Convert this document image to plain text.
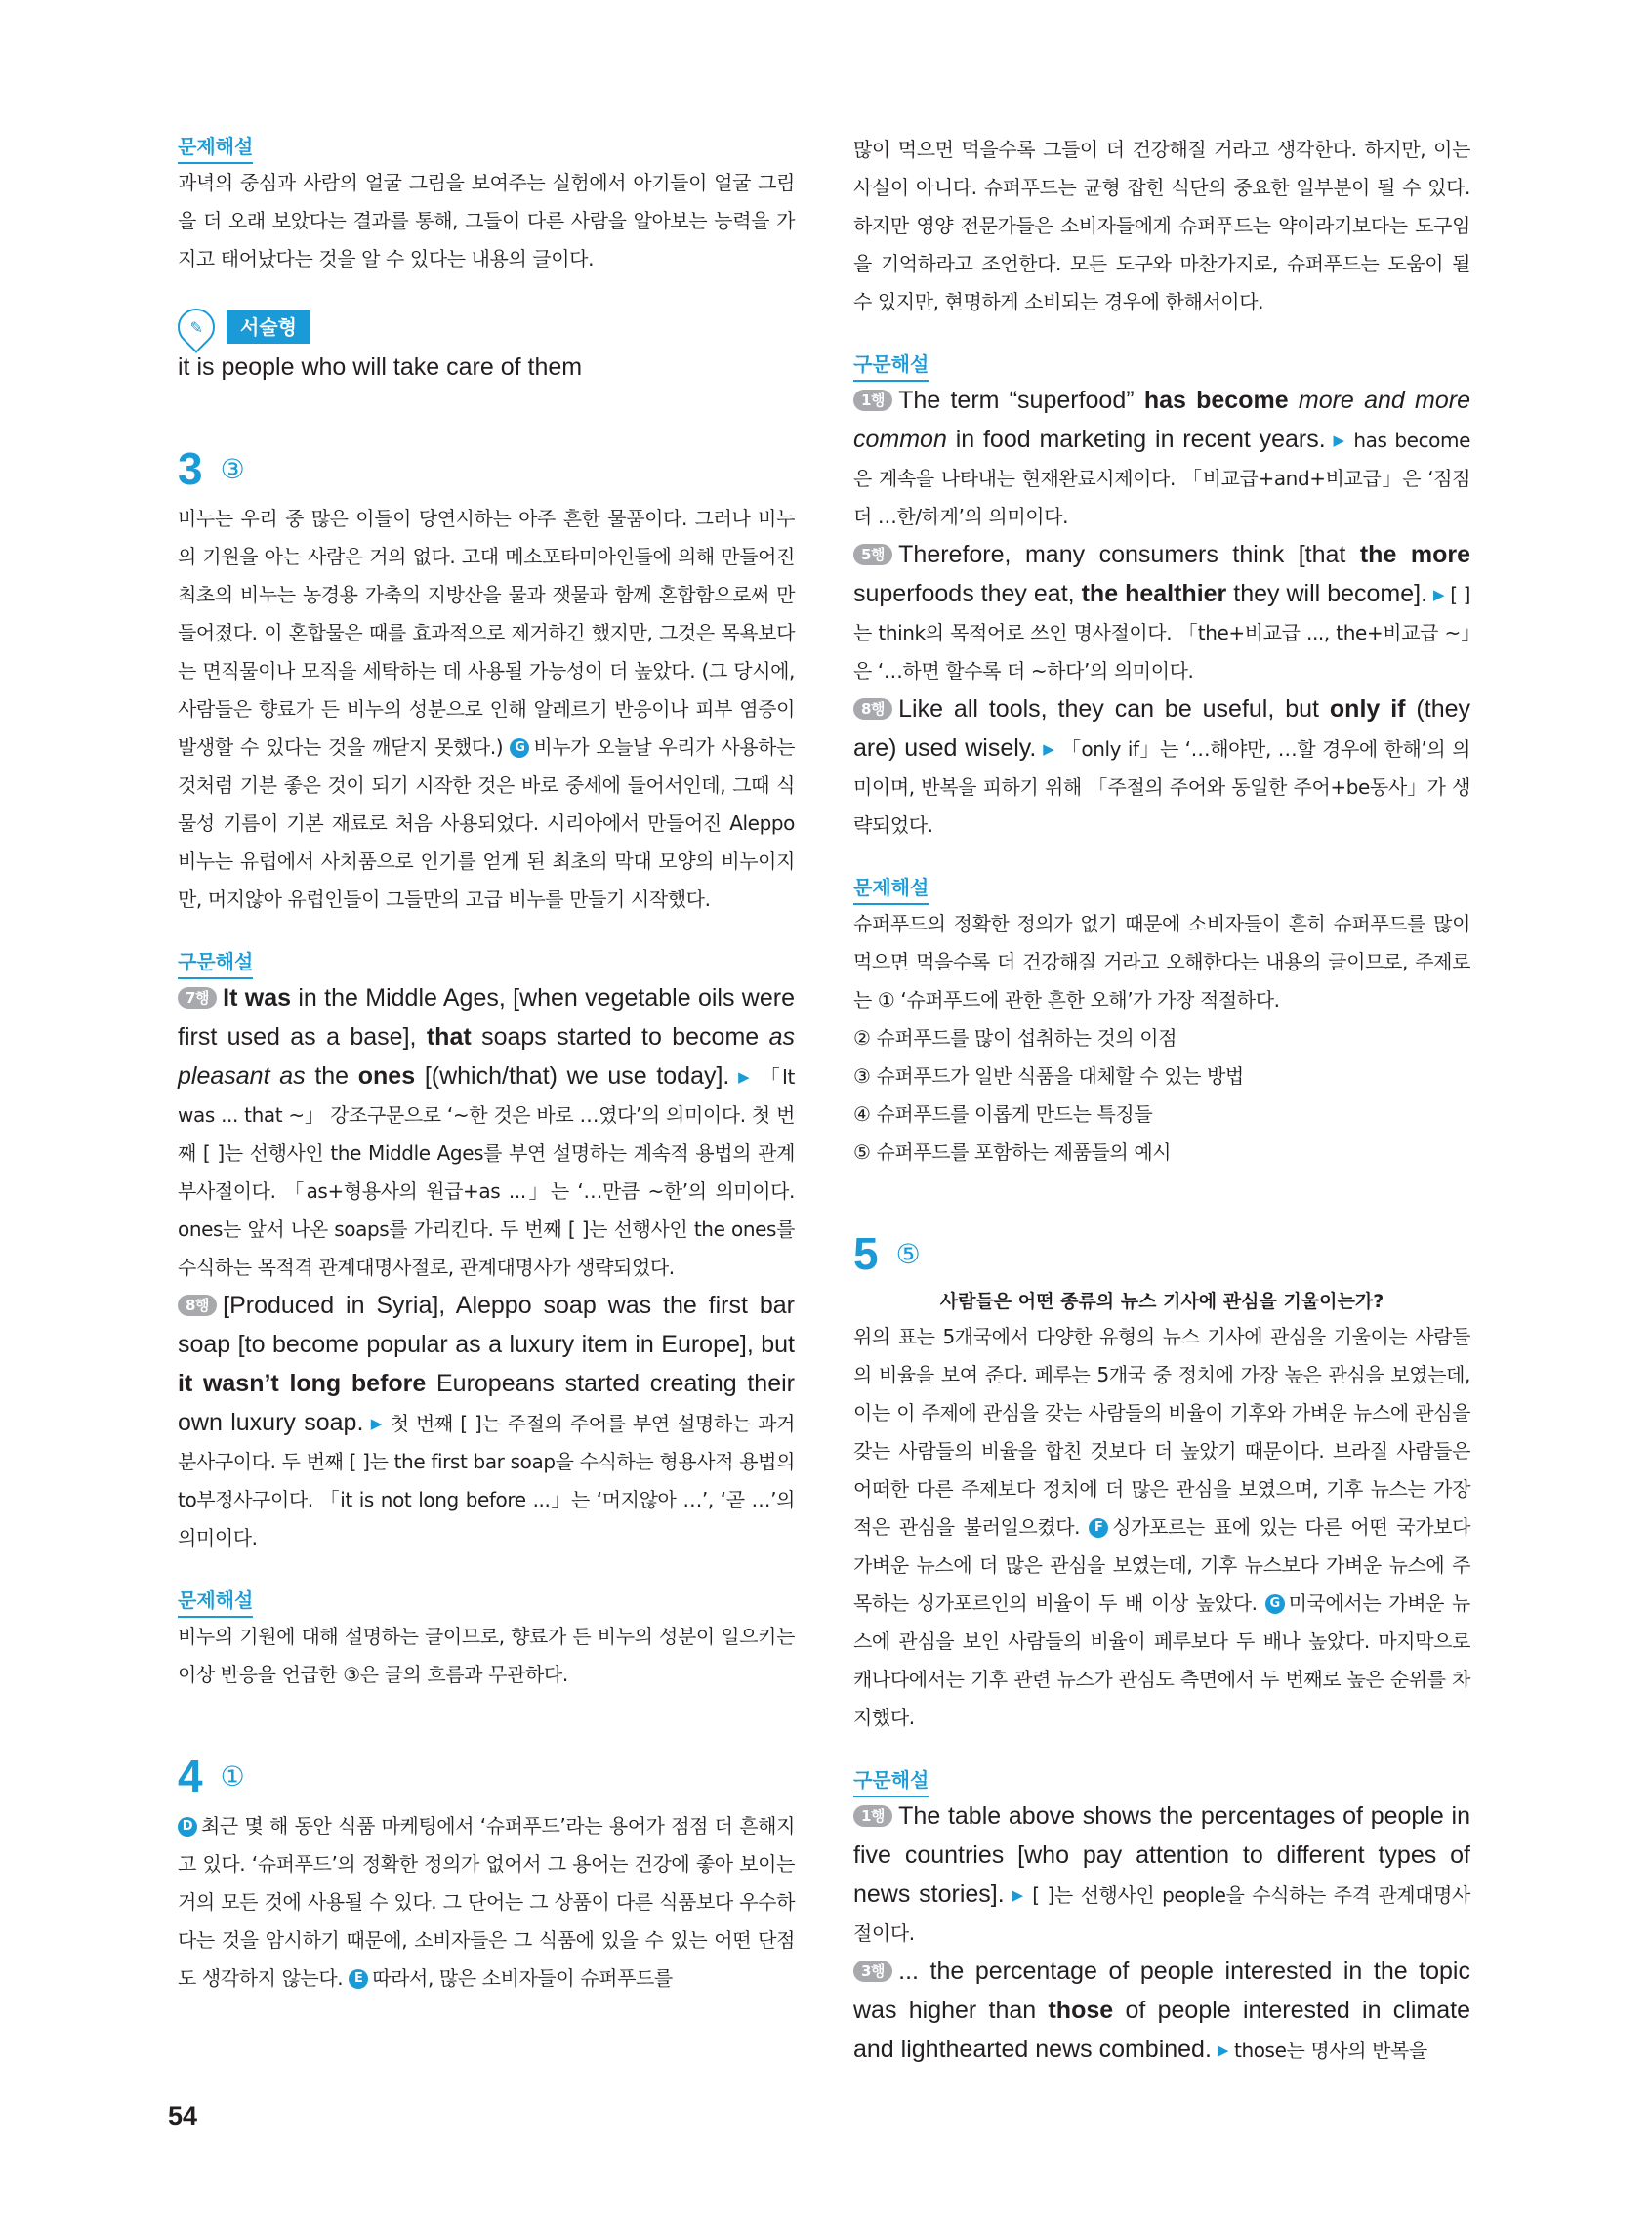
문제해설

과녁의 중심과 사람의 얼굴 그림을 보여주는 실험에서 아기들이 얼굴 그림을 더 오래 보았다는 결과를 통해, 그들이 다른 사람을 알아보는 능력을 가지고 태어났다는 것을 알 수 있다는 내용의 글이다.

✎	서술형

it is people who will take care of them

3 ③

비누는 우리 중 많은 이들이 당연시하는 아주 흔한 물품이다. 그러나 비누의 기원을 아는 사람은 거의 없다. 고대 메소포타미아인들에 의해 만들어진 최초의 비누는 농경용 가축의 지방산을 물과 잿물과 함께 혼합함으로써 만들어졌다. 이 혼합물은 때를 효과적으로 제거하긴 했지만, 그것은 목욕보다는 면직물이나 모직을 세탁하는 데 사용될 가능성이 더 높았다. (그 당시에, 사람들은 향료가 든 비누의 성분으로 인해 알레르기 반응이나 피부 염증이 발생할 수 있다는 것을 깨닫지 못했다.) G 비누가 오늘날 우리가 사용하는 것처럼 기분 좋은 것이 되기 시작한 것은 바로 중세에 들어서인데, 그때 식물성 기름이 기본 재료로 처음 사용되었다. 시리아에서 만들어진 Aleppo 비누는 유럽에서 사치품으로 인기를 얻게 된 최초의 막대 모양의 비누이지만, 머지않아 유럽인들이 그들만의 고급 비누를 만들기 시작했다.

구문해설

7행 It was in the Middle Ages, [when vegetable oils were first used as a base], that soaps started to become as pleasant as the ones [(which/that) we use today]. ▶ 「It was ... that ~」 강조구문으로 ‘~한 것은 바로 …였다’의 의미이다. 첫 번째 [ ]는 선행사인 the Middle Ages를 부연 설명하는 계속적 용법의 관계부사절이다. 「as+형용사의 원급+as ...」는 ‘…만큼 ~한’의 의미이다. ones는 앞서 나온 soaps를 가리킨다. 두 번째 [ ]는 선행사인 the ones를 수식하는 목적격 관계대명사절로, 관계대명사가 생략되었다.

8행 [Produced in Syria], Aleppo soap was the first bar soap [to become popular as a luxury item in Europe], but it wasn’t long before Europeans started creating their own luxury soap. ▶ 첫 번째 [ ]는 주절의 주어를 부연 설명하는 과거분사구이다. 두 번째 [ ]는 the first bar soap을 수식하는 형용사적 용법의 to부정사구이다. 「it is not long before ...」는 ‘머지않아 …’, ‘곧 …’의 의미이다.

문제해설

비누의 기원에 대해 설명하는 글이므로, 향료가 든 비누의 성분이 일으키는 이상 반응을 언급한 ③은 글의 흐름과 무관하다.

4 ①

D 최근 몇 해 동안 식품 마케팅에서 ‘슈퍼푸드’라는 용어가 점점 더 흔해지고 있다. ‘슈퍼푸드’의 정확한 정의가 없어서 그 용어는 건강에 좋아 보이는 거의 모든 것에 사용될 수 있다. 그 단어는 그 상품이 다른 식품보다 우수하다는 것을 암시하기 때문에, 소비자들은 그 식품에 있을 수 있는 어떤 단점도 생각하지 않는다. E 따라서, 많은 소비자들이 슈퍼푸드를

많이 먹으면 먹을수록 그들이 더 건강해질 거라고 생각한다. 하지만, 이는 사실이 아니다. 슈퍼푸드는 균형 잡힌 식단의 중요한 일부분이 될 수 있다. 하지만 영양 전문가들은 소비자들에게 슈퍼푸드는 약이라기보다는 도구임을 기억하라고 조언한다. 모든 도구와 마찬가지로, 슈퍼푸드는 도움이 될 수 있지만, 현명하게 소비되는 경우에 한해서이다.

구문해설

1행 The term “superfood” has become more and more common in food marketing in recent years. ▶ has become은 계속을 나타내는 현재완료시제이다. 「비교급+and+비교급」은 ‘점점 더 …한/하게’의 의미이다.

5행 Therefore, many consumers think [that the more superfoods they eat, the healthier they will become]. ▶ [ ]는 think의 목적어로 쓰인 명사절이다. 「the+비교급 ..., the+비교급 ~」은 ‘…하면 할수록 더 ~하다’의 의미이다.

8행 Like all tools, they can be useful, but only if (they are) used wisely. ▶ 「only if」는 ‘…해야만, …할 경우에 한해’의 의미이며, 반복을 피하기 위해 「주절의 주어와 동일한 주어+be동사」가 생략되었다.

문제해설

슈퍼푸드의 정확한 정의가 없기 때문에 소비자들이 흔히 슈퍼푸드를 많이 먹으면 먹을수록 더 건강해질 거라고 오해한다는 내용의 글이므로, 주제로는 ① ‘슈퍼푸드에 관한 흔한 오해’가 가장 적절하다.

② 슈퍼푸드를 많이 섭취하는 것의 이점

③ 슈퍼푸드가 일반 식품을 대체할 수 있는 방법

④ 슈퍼푸드를 이롭게 만드는 특징들

⑤ 슈퍼푸드를 포함하는 제품들의 예시

5 ⑤

사람들은 어떤 종류의 뉴스 기사에 관심을 기울이는가?

위의 표는 5개국에서 다양한 유형의 뉴스 기사에 관심을 기울이는 사람들의 비율을 보여 준다. 페루는 5개국 중 정치에 가장 높은 관심을 보였는데, 이는 이 주제에 관심을 갖는 사람들의 비율이 기후와 가벼운 뉴스에 관심을 갖는 사람들의 비율을 합친 것보다 더 높았기 때문이다. 브라질 사람들은 어떠한 다른 주제보다 정치에 더 많은 관심을 보였으며, 기후 뉴스는 가장 적은 관심을 불러일으켰다. F 싱가포르는 표에 있는 다른 어떤 국가보다 가벼운 뉴스에 더 많은 관심을 보였는데, 기후 뉴스보다 가벼운 뉴스에 주목하는 싱가포르인의 비율이 두 배 이상 높았다. G 미국에서는 가벼운 뉴스에 관심을 보인 사람들의 비율이 페루보다 두 배나 높았다. 마지막으로 캐나다에서는 기후 관련 뉴스가 관심도 측면에서 두 번째로 높은 순위를 차지했다.

구문해설

1행 The table above shows the percentages of people in five countries [who pay attention to different types of news stories]. ▶ [ ]는 선행사인 people을 수식하는 주격 관계대명사절이다.

3행 ... the percentage of people interested in the topic was higher than those of people interested in climate and lighthearted news combined. ▶ those는 명사의 반복을

54
